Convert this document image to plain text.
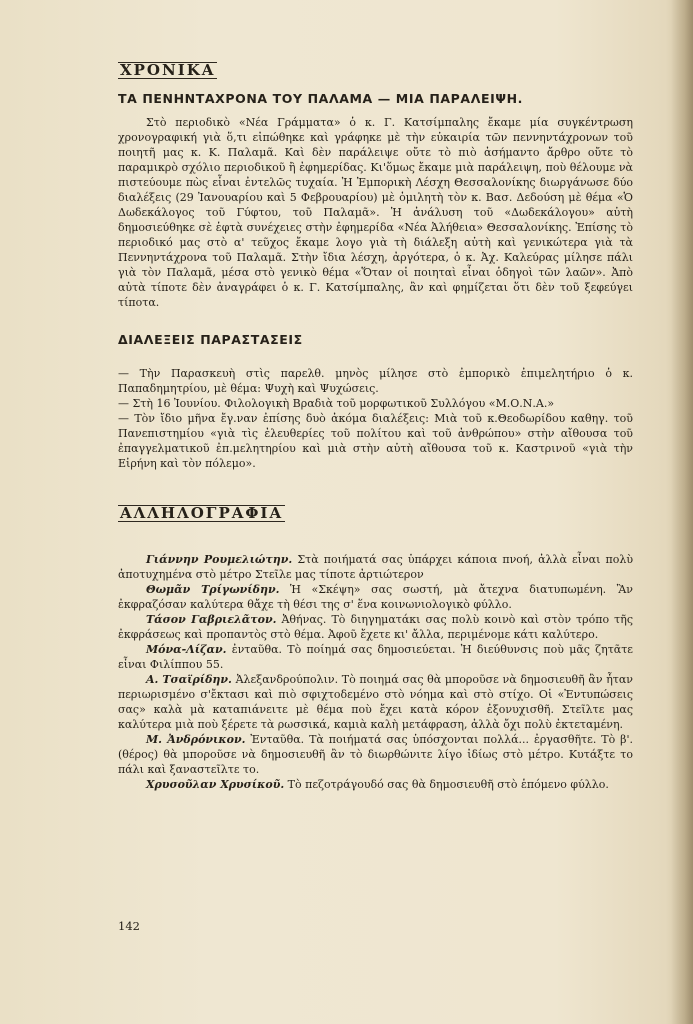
ΧΡΟΝΙΚΑ
ΤΑ ΠΕΝΗΝΤΑΧΡΟΝΑ ΤΟΥ ΠΑΛΑΜΑ — ΜΙΑ ΠΑΡΑΛΕΙΨΗ.

Στὸ περιοδικὸ «Νέα Γράμματα» ὁ κ. Γ. Κατσίμπαλης ἔκαμε μία συγκέντρωση χρονογραφική γιὰ ὅ,τι εἰπώθηκε καὶ γράφηκε μὲ τὴν εὐκαιρία τῶν πεννηντάχρονων τοῦ ποιητῆ μας κ. Κ. Παλαμᾶ. Καὶ δὲν παράλειψε οὔτε τὸ πιὸ ἀσήμαντο ἄρθρο οὔτε τὸ παραμικρὸ σχόλιο περιοδικοῦ ἢ ἐφημερίδας. Κι'ὅμως ἔκαμε μιὰ παράλειψη, ποὺ θέλουμε νὰ πιστεύουμε πὼς εἶναι ἐντελῶς τυχαία. Ἡ Ἐμπορικὴ Λέσχη Θεσσαλονίκης διωργάνωσε δύο διαλέξεις (29 Ἰανουαρίου καὶ 5 Φεβρουαρίου) μὲ ὁμιλητὴ τὸν κ. Βασ. Δεδούση μὲ θέμα «Ὁ Δωδεκάλογος τοῦ Γύφτου, τοῦ Παλαμᾶ». Ἡ ἀνάλυση τοῦ «Δωδεκάλογου» αὐτὴ δημοσιεύθηκε σὲ ἑφτὰ συνέχειες στὴν ἐφημερίδα «Νέα Ἀλήθεια» Θεσσαλονίκης. Ἐπίσης τὸ περιοδικό μας στὸ α' τεῦχος ἔκαμε λογο γιὰ τὴ διάλεξη αὐτὴ καὶ γενικώτερα γιὰ τὰ Πεννηντάχρονα τοῦ Παλαμᾶ. Στὴν ἴδια λέσχη, ἀργότερα, ὁ κ. Ἀχ. Καλεύρας μίλησε πάλι γιὰ τὸν Παλαμᾶ, μέσα στὸ γενικὸ θέμα «Ὅταν οἱ ποιηταὶ εἶναι ὁδηγοὶ τῶν λαῶν». Ἀπὸ αὐτὰ τίποτε δὲν ἀναγράφει ὁ κ. Γ. Κατσίμπαλης, ἂν καὶ φημίζεται ὅτι δὲν τοῦ ξεφεύγει τίποτα.

ΔΙΑΛΕΞΕΙΣ ΠΑΡΑΣΤΑΣΕΙΣ

— Τὴν Παρασκευὴ στὶς παρελθ. μηνὸς μίλησε στὸ ἐμπορικὸ ἐπιμελητήριο ὁ κ. Παπαδημητρίου, μὲ θέμα: Ψυχὴ καὶ Ψυχώσεις.

— Στὴ 16 Ἰουνίου. Φιλολογικὴ Βραδιὰ τοῦ μορφωτικοῦ Συλλόγου «Μ.Ο.Ν.Α.»

— Τὸν ἴδιο μῆνα ἔγ.ναν ἐπίσης δυὸ ἀκόμα διαλέξεις: Μιὰ τοῦ κ.Θεοδωρίδου καθηγ. τοῦ Πανεπιστημίου «γιὰ τὶς ἐλευθερίες τοῦ πολίτου καὶ τοῦ ἀνθρώπου» στὴν αἴθουσα τοῦ ἐπαγγελματικοῦ ἐπ.μελητηρίου καὶ μιὰ στὴν αὐτὴ αἴθουσα τοῦ κ. Καστρινοῦ «γιὰ τὴν Εἰρήνη καὶ τὸν πόλεμο».

ΑΛΛΗΛΟΓΡΑΦΙΑ

Γιάννην Ρουμελιώτην. Στὰ ποιήματά σας ὑπάρχει κάποια πνοή, ἀλλὰ εἶναι πολὺ ἀποτυχημένα στὸ μέτρο Στεῖλε μας τίποτε ἀρτιώτερον

Θωμᾶν Τρίγωνίδην. Ἡ «Σκέψη» σας σωστή, μὰ ἄτεχνα διατυπωμένη. Ἂν ἐκφραζόσαν καλύτερα θἄχε τὴ θέσι της σ' ἕνα κοινωνιολογικὸ φύλλο.

Τάσον Γαβριελᾶτον. Ἀθήνας. Τὸ διηγηματάκι σας πολὺ κοινὸ καὶ στὸν τρόπο τῆς ἐκφράσεως καὶ προπαντὸς στὸ θέμα. Ἀφοῦ ἔχετε κι' ἄλλα, περιμένομε κάτι καλύτερο.

Μόνα-Λίζαν. ἐνταῦθα. Τὸ ποίημά σας δημοσιεύεται. Ἡ διεύθυνσις ποὺ μᾶς ζητᾶτε εἶναι Φιλίππου 55.

Α. Τσαϊρίδην. Ἀλεξανδρούπολιν. Τὸ ποιημά σας θὰ μποροῦσε νὰ δημοσιευθῆ ἂν ἦταν περιωρισμένο σ'ἔκτασι καὶ πιὸ σφιχτοδεμένο στὸ νόημα καὶ στὸ στίχο. Οἱ «Ἐντυπώσεις σας» καλὰ μὰ καταπιάνειτε μὲ θέμα ποὺ ἔχει κατὰ κόρον ἐξονυχισθῆ. Στεῖλτε μας καλύτερα μιὰ ποὺ ξέρετε τὰ ρωσσικά, καμιὰ καλὴ μετάφραση, ἀλλὰ ὄχι πολὺ ἐκτεταμένη.

Μ. Ἀνδρόνικον. Ἐνταῦθα. Τὰ ποιήματά σας ὑπόσχονται πολλά... ἐργασθῆτε. Τὸ β'. (θέρος) θὰ μποροῦσε νὰ δημοσιευθῆ ἂν τὸ διωρθώνιτε λίγο ἰδίως στὸ μέτρο. Κυτάξτε το πάλι καὶ ξαναστεῖλτε το.

Χρυσοῦλαν Χρυσίκοῦ. Τὸ πεζοτράγουδό σας θὰ δημοσιευθῆ στὸ ἑπόμενο φύλλο.

142
